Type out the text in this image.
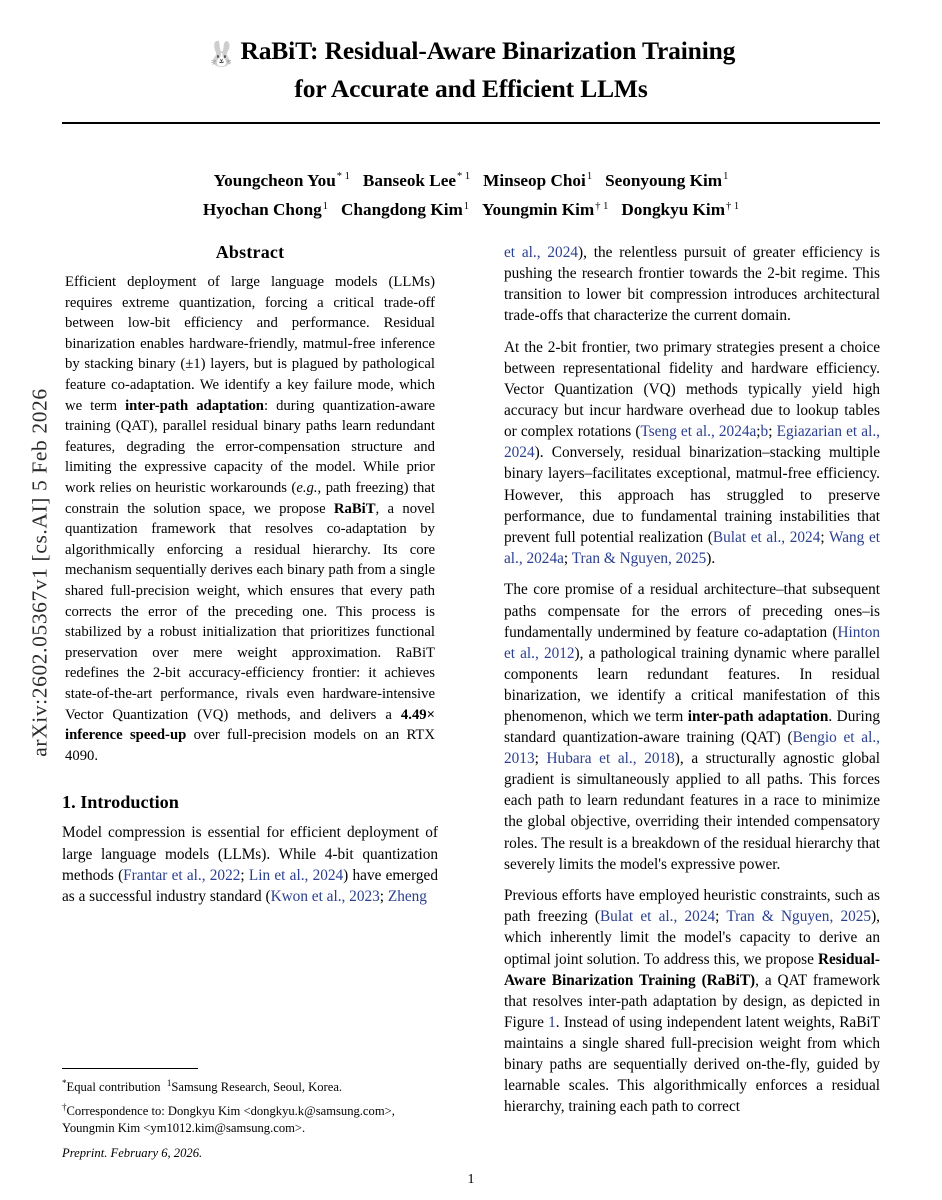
arXiv:2602.05367v1 [cs.AI] 5 Feb 2026
🐰 RaBiT: Residual-Aware Binarization Training
for Accurate and Efficient LLMs
Youngcheon You$^{* 1}$ Banseok Lee$^{* 1}$ Minseop Choi$^1$ Seonyoung Kim$^1$
Hyochan Chong$^1$ Changdong Kim$^1$ Youngmin Kim$^{\dagger 1}$ Dongkyu Kim$^{\dagger 1}$
Abstract

Efficient deployment of large language models (LLMs) requires extreme quantization, forcing a critical trade-off between low-bit efficiency and performance. Residual binarization enables hardware-friendly, matmul-free inference by stacking binary (±1) layers, but is plagued by pathological feature co-adaptation. We identify a key failure mode, which we term inter-path adaptation: during quantization-aware training (QAT), parallel residual binary paths learn redundant features, degrading the error-compensation structure and limiting the expressive capacity of the model. While prior work relies on heuristic workarounds (e.g., path freezing) that constrain the solution space, we propose RaBiT, a novel quantization framework that resolves co-adaptation by algorithmically enforcing a residual hierarchy. Its core mechanism sequentially derives each binary path from a single shared full-precision weight, which ensures that every path corrects the error of the preceding one. This process is stabilized by a robust initialization that prioritizes functional preservation over mere weight approximation. RaBiT redefines the 2-bit accuracy-efficiency frontier: it achieves state-of-the-art performance, rivals even hardware-intensive Vector Quantization (VQ) methods, and delivers a 4.49× inference speed-up over full-precision models on an RTX 4090.

1. Introduction

Model compression is essential for efficient deployment of large language models (LLMs). While 4-bit quantization methods (Frantar et al., 2022; Lin et al., 2024) have emerged as a successful industry standard (Kwon et al., 2023; Zheng

et al., 2024), the relentless pursuit of greater efficiency is pushing the research frontier towards the 2-bit regime. This transition to lower bit compression introduces architectural trade-offs that characterize the current domain.

At the 2-bit frontier, two primary strategies present a choice between representational fidelity and hardware efficiency. Vector Quantization (VQ) methods typically yield high accuracy but incur hardware overhead due to lookup tables or complex rotations (Tseng et al., 2024a;b; Egiazarian et al., 2024). Conversely, residual binarization–stacking multiple binary layers–facilitates exceptional, matmul-free efficiency. However, this approach has struggled to preserve performance, due to fundamental training instabilities that prevent full potential realization (Bulat et al., 2024; Wang et al., 2024a; Tran & Nguyen, 2025).

The core promise of a residual architecture–that subsequent paths compensate for the errors of preceding ones–is fundamentally undermined by feature co-adaptation (Hinton et al., 2012), a pathological training dynamic where parallel components learn redundant features. In residual binarization, we identify a critical manifestation of this phenomenon, which we term inter-path adaptation. During standard quantization-aware training (QAT) (Bengio et al., 2013; Hubara et al., 2018), a structurally agnostic global gradient is simultaneously applied to all paths. This forces each path to learn redundant features in a race to minimize the global objective, overriding their intended compensatory roles. The result is a breakdown of the residual hierarchy that severely limits the model's expressive power.

Previous efforts have employed heuristic constraints, such as path freezing (Bulat et al., 2024; Tran & Nguyen, 2025), which inherently limit the model's capacity to derive an optimal joint solution. To address this, we propose Residual-Aware Binarization Training (RaBiT), a QAT framework that resolves inter-path adaptation by design, as depicted in Figure 1. Instead of using independent latent weights, RaBiT maintains a single shared full-precision weight from which binary paths are sequentially derived on-the-fly, guided by learnable scales. This algorithmically enforces a residual hierarchy, training each path to correct

*Equal contribution  $^1$Samsung Research, Seoul, Korea.

†Correspondence to: Dongkyu Kim <dongkyu.k@samsung.com>, Youngmin Kim <ym1012.kim@samsung.com>.

Preprint. February 6, 2026.

1
